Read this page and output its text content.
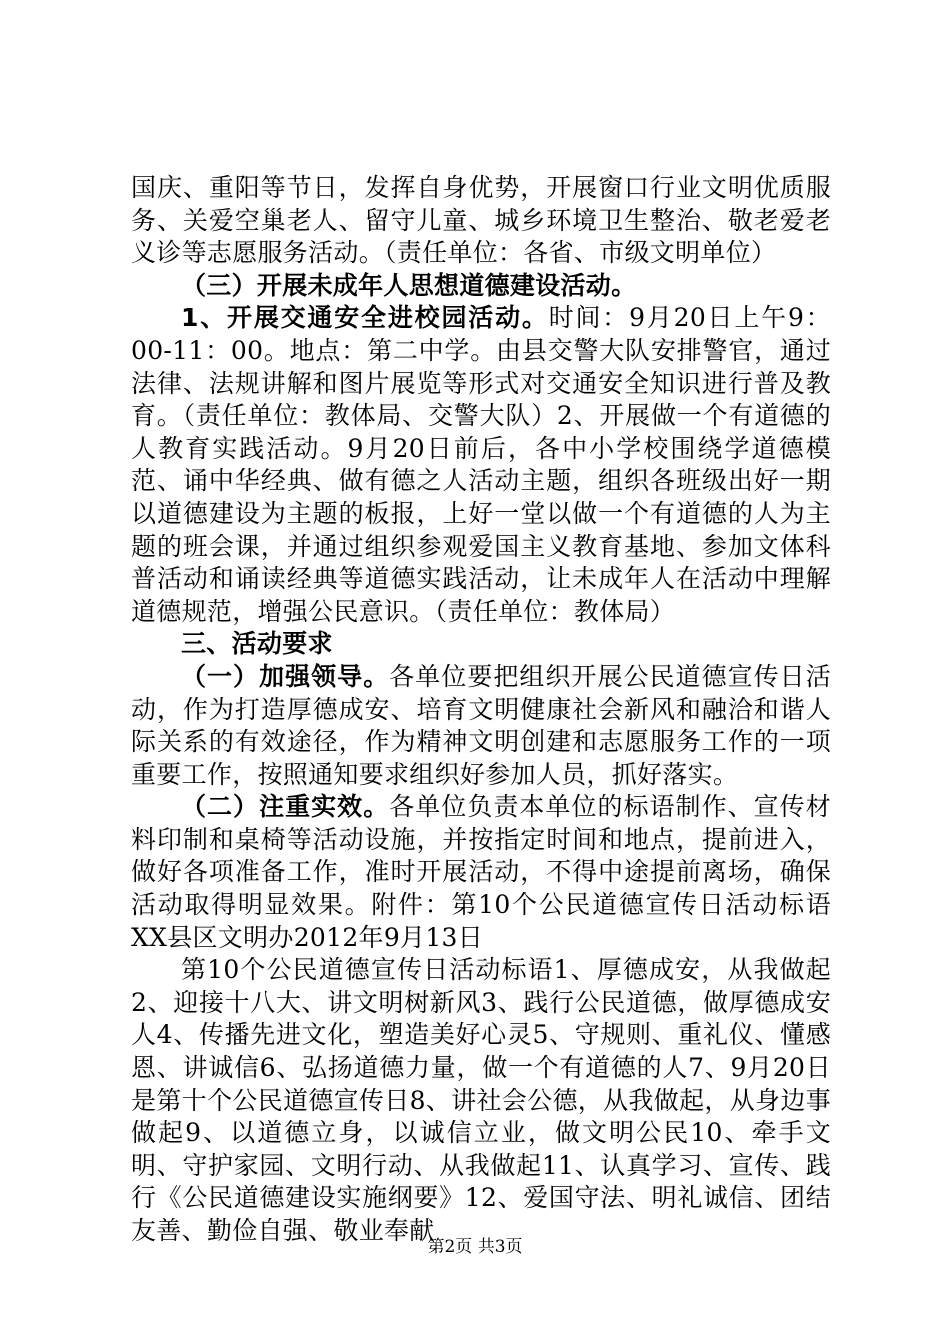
国庆、重阳等节日，发挥自身优势，开展窗口行业文明优质服务、关爱空巢老人、留守儿童、城乡环境卫生整治、敬老爱老义诊等志愿服务活动。（责任单位：各省、市级文明单位）

（三）开展未成年人思想道德建设活动。

1、开展交通安全进校园活动。时间：9月20日上午9：00-11：00。地点：第二中学。由县交警大队安排警官，通过法律、法规讲解和图片展览等形式对交通安全知识进行普及教育。（责任单位：教体局、交警大队）2、开展做一个有道德的人教育实践活动。9月20日前后，各中小学校围绕学道德模范、诵中华经典、做有德之人活动主题，组织各班级出好一期以道德建设为主题的板报，上好一堂以做一个有道德的人为主题的班会课，并通过组织参观爱国主义教育基地、参加文体科普活动和诵读经典等道德实践活动，让未成年人在活动中理解道德规范，增强公民意识。（责任单位：教体局）

三、活动要求

（一）加强领导。各单位要把组织开展公民道德宣传日活动，作为打造厚德成安、培育文明健康社会新风和融洽和谐人际关系的有效途径，作为精神文明创建和志愿服务工作的一项重要工作，按照通知要求组织好参加人员，抓好落实。

（二）注重实效。各单位负责本单位的标语制作、宣传材料印制和桌椅等活动设施，并按指定时间和地点，提前进入，做好各项准备工作，准时开展活动，不得中途提前离场，确保活动取得明显效果。附件：第10个公民道德宣传日活动标语XX县区文明办2012年9月13日

第10个公民道德宣传日活动标语1、厚德成安，从我做起2、迎接十八大、讲文明树新风3、践行公民道德，做厚德成安人4、传播先进文化，塑造美好心灵5、守规则、重礼仪、懂感恩、讲诚信6、弘扬道德力量，做一个有道德的人7、9月20日是第十个公民道德宣传日8、讲社会公德，从我做起，从身边事做起9、以道德立身，以诚信立业，做文明公民10、牵手文明、守护家园、文明行动、从我做起11、认真学习、宣传、践行《公民道德建设实施纲要》12、爱国守法、明礼诚信、团结友善、勤俭自强、敬业奉献

第2页 共3页
